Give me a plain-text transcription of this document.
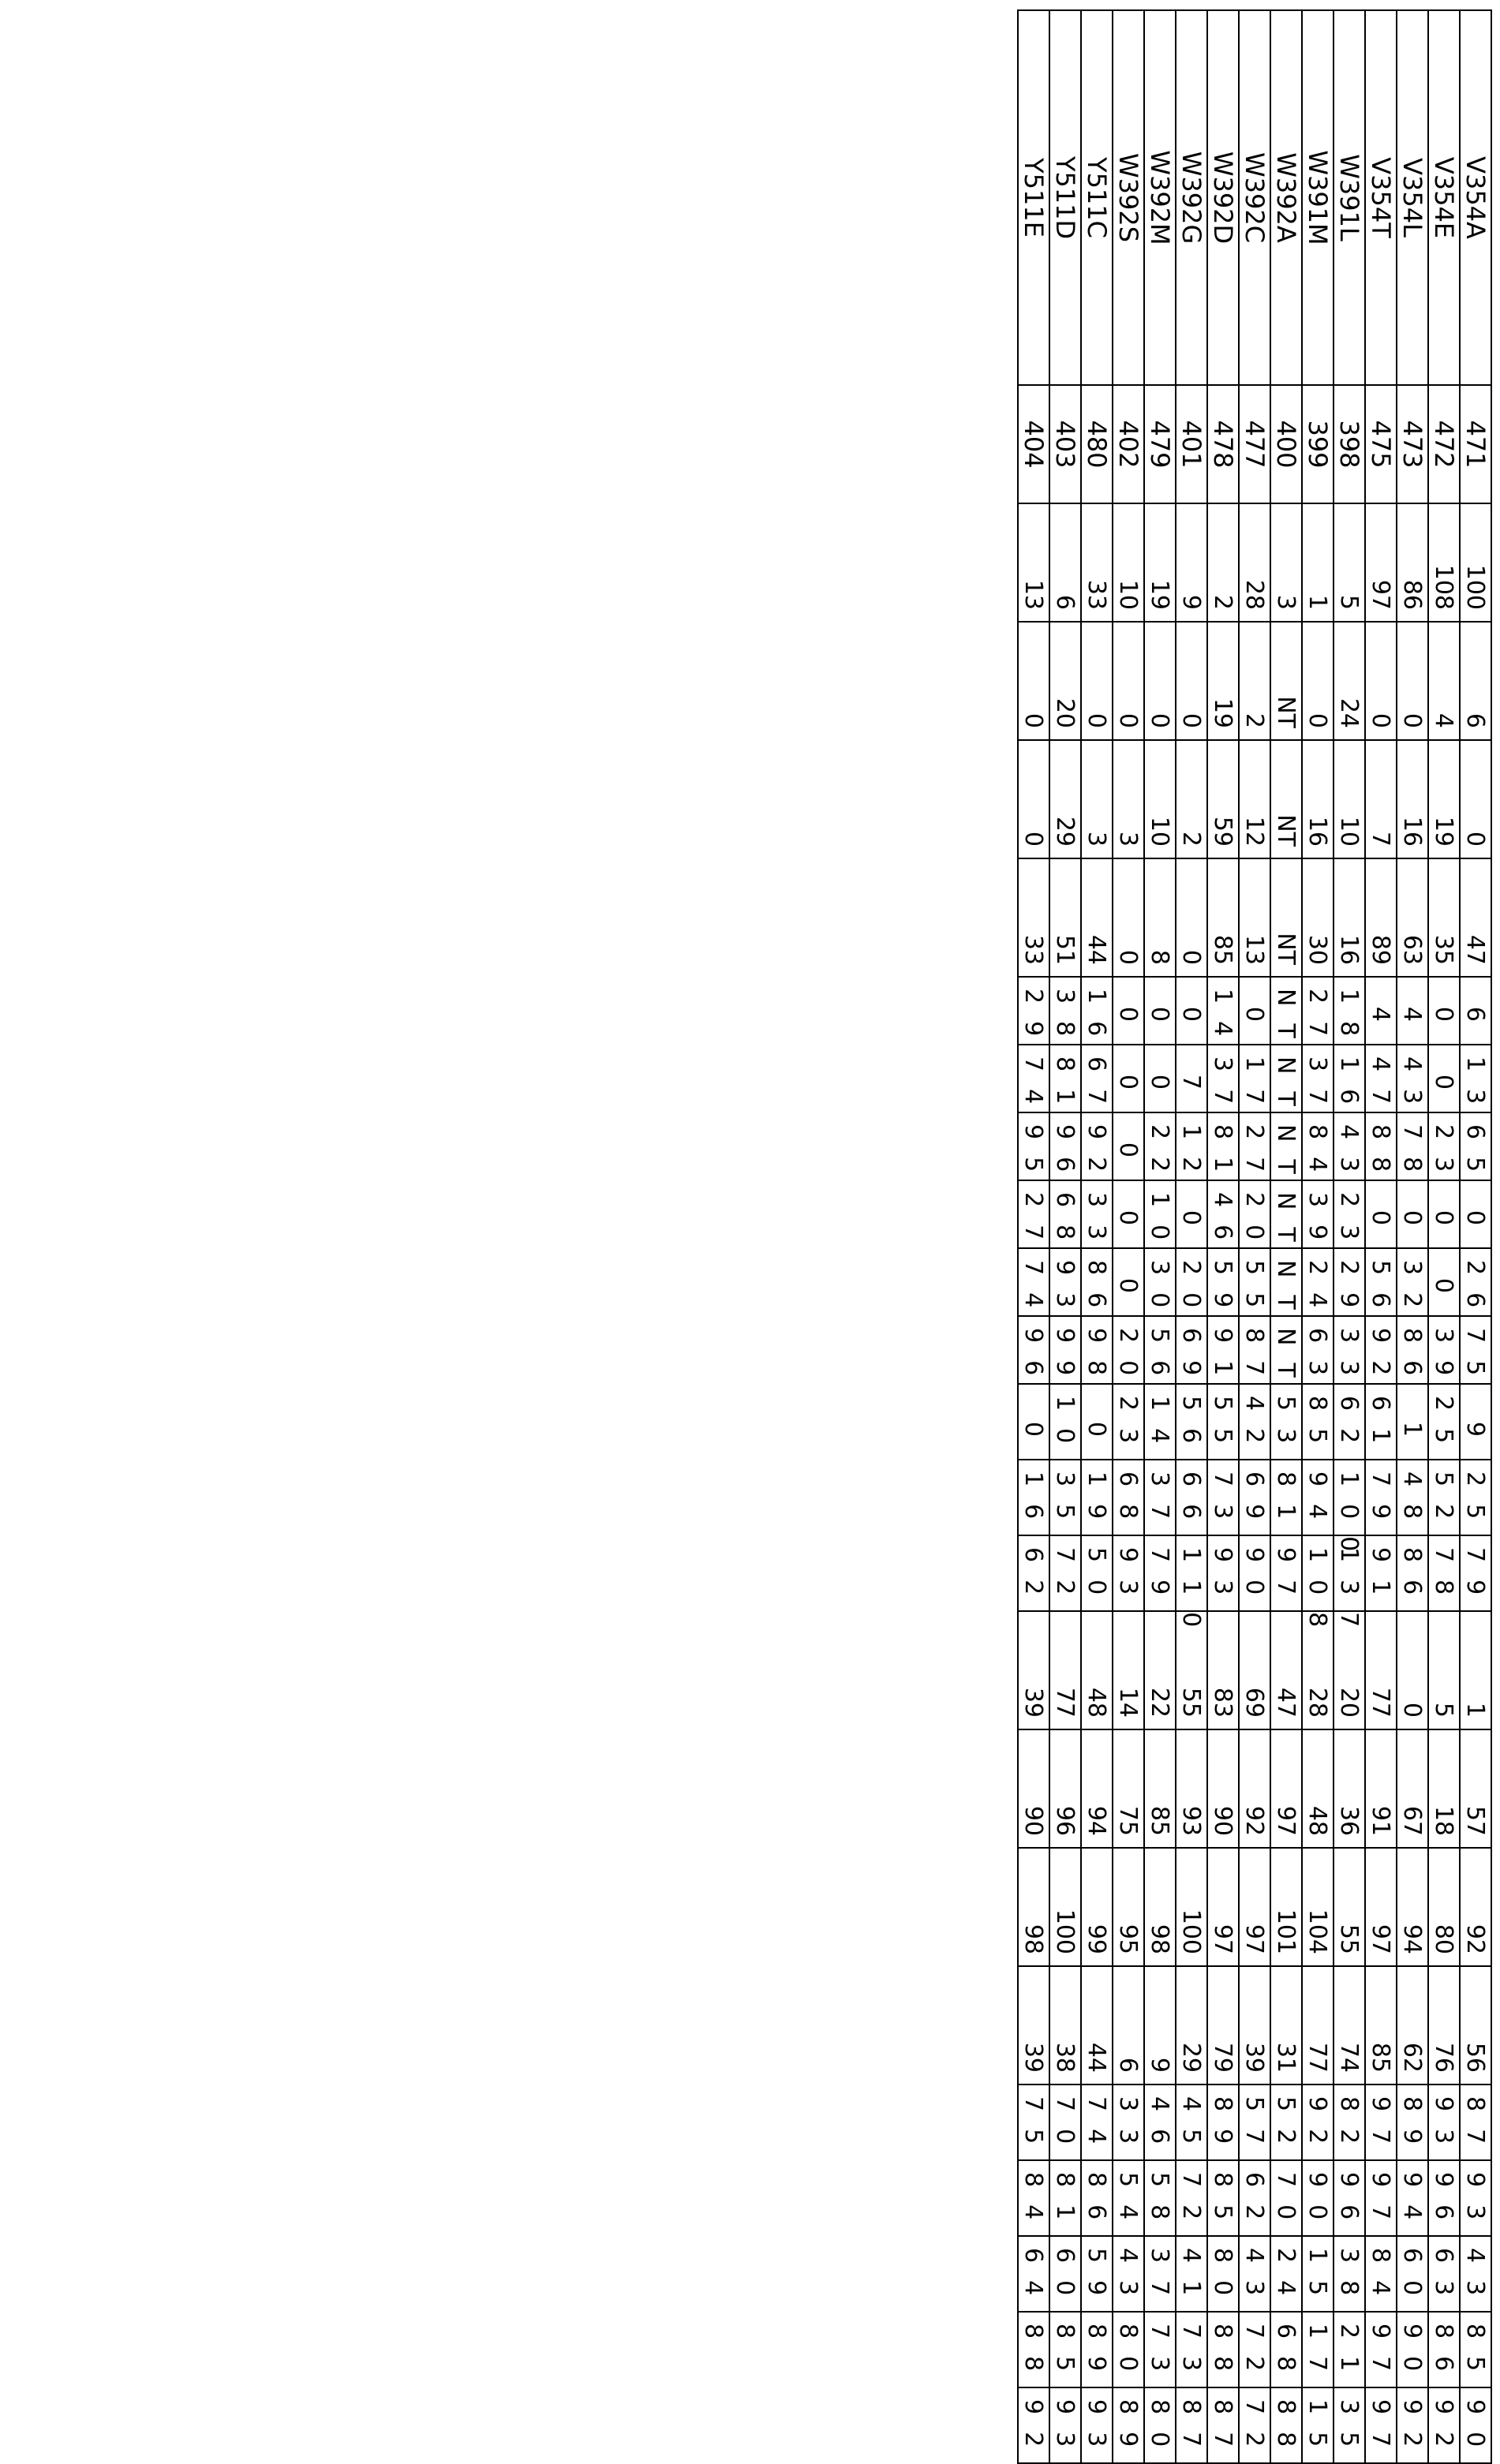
V354A	471	100	6	0	47	6	13	65	0	26	75	9	25	79	1	57	92	56	87	93	43	85	90
V354E	472	108	4	19	35	0	0	23	0	0	39	25	52	78	5	18	80	76	93	96	63	86	92
V354L	473	86	0	16	63	4	43	78	0	32	86	1	48	86	0	67	94	62	89	94	60	90	92
V354T	475	97	0	7	89	4	47	88	0	56	92	61	79	91	77	91	97	85	97	97	84	97	97
W391L	398	5	24	10	16	18	16	43	23	29	33	62	100	137	20	36	55	74	82	96	38	21	35
W391M	399	1	0	16	30	27	37	84	39	24	63	85	94	108	28	48	104	77	92	90	15	17	15
W392A	400	3	NT	NT	NT	NT	NT	NT	NT	NT	NT	53	81	97	47	97	101	31	52	70	24	68	88
W392C	477	28	2	12	13	0	17	27	20	55	87	42	69	90	69	92	97	39	57	62	43	72	72
W392D	478	2	19	59	85	14	37	81	46	59	91	55	73	93	83	90	97	79	89	85	80	88	87
W392G	401	9	0	2	0	0	7	12	0	20	69	56	66	110	55	93	100	29	45	72	41	73	87
W392M	479	19	0	10	8	0	0	22	10	30	56	14	37	79	22	85	98	9	46	58	37	73	80
W392S	402	10	0	3	0	0	0	0	0	0	20	23	68	93	14	75	95	6	33	54	43	80	89
Y511C	480	33	0	3	44	16	67	92	33	86	98	0	19	50	48	94	99	44	74	86	59	89	93
Y511D	403	6	20	29	51	38	81	96	68	93	99	10	35	72	77	96	100	38	70	81	60	85	93
Y511E	404	13	0	0	33	29	74	95	27	74	96	0	16	62	39	90	98	39	75	84	64	88	92
